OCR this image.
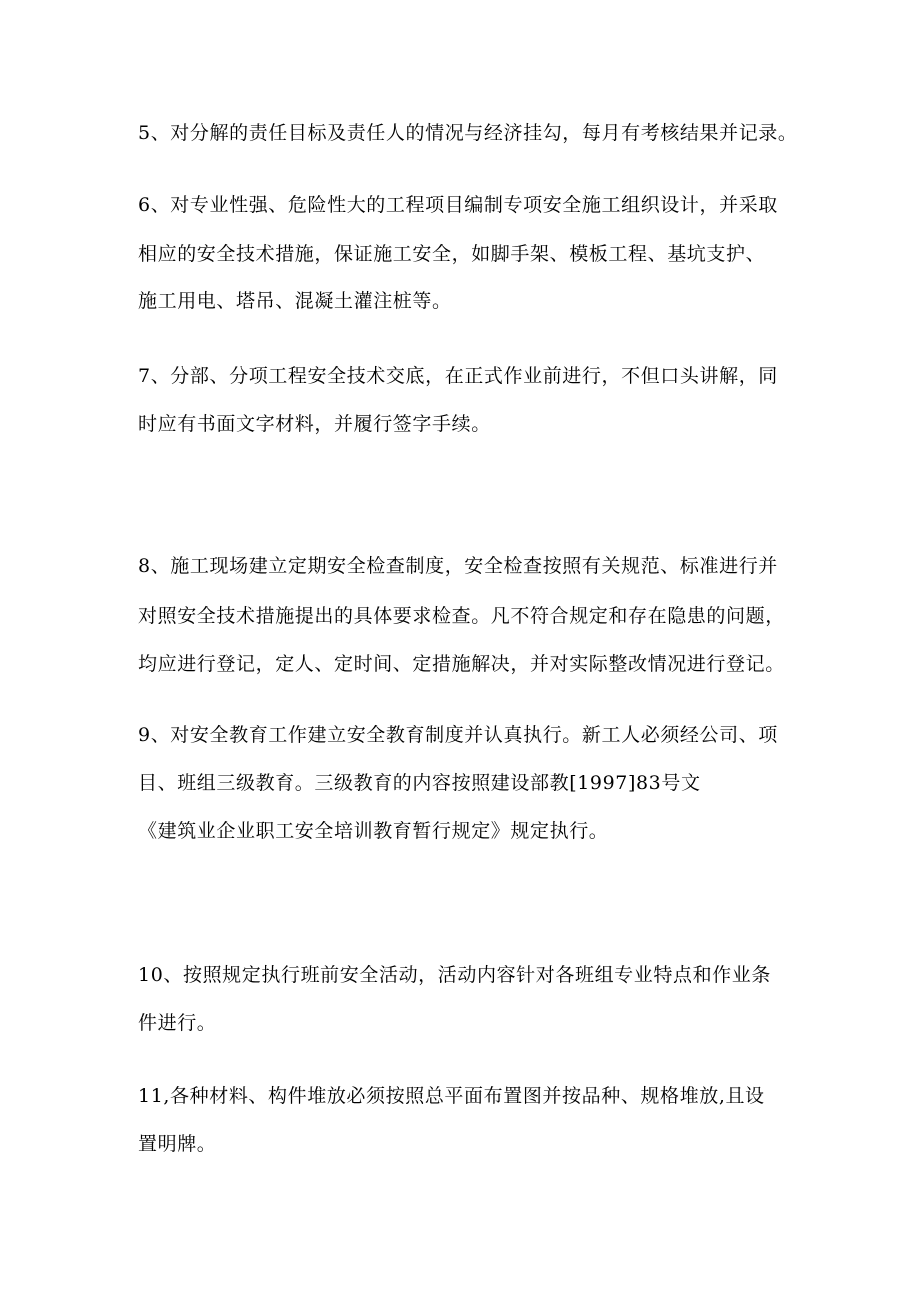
5、对分解的责任目标及责任人的情况与经济挂勾，每月有考核结果并记录。

6、对专业性强、危险性大的工程项目编制专项安全施工组织设计，并采取

相应的安全技术措施，保证施工安全，如脚手架、模板工程、基坑支护、

施工用电、塔吊、混凝土灌注桩等。

7、分部、分项工程安全技术交底，在正式作业前进行，不但口头讲解，同

时应有书面文字材料，并履行签字手续。

8、施工现场建立定期安全检查制度，安全检查按照有关规范、标准进行并

对照安全技术措施提出的具体要求检查。凡不符合规定和存在隐患的问题，

均应进行登记，定人、定时间、定措施解决，并对实际整改情况进行登记。

9、对安全教育工作建立安全教育制度并认真执行。新工人必须经公司、项

目、班组三级教育。三级教育的内容按照建设部教[1997]83号文

《建筑业企业职工安全培训教育暂行规定》规定执行。

10、按照规定执行班前安全活动，活动内容针对各班组专业特点和作业条

件进行。

11,各种材料、构件堆放必须按照总平面布置图并按品种、规格堆放,且设

置明牌。
